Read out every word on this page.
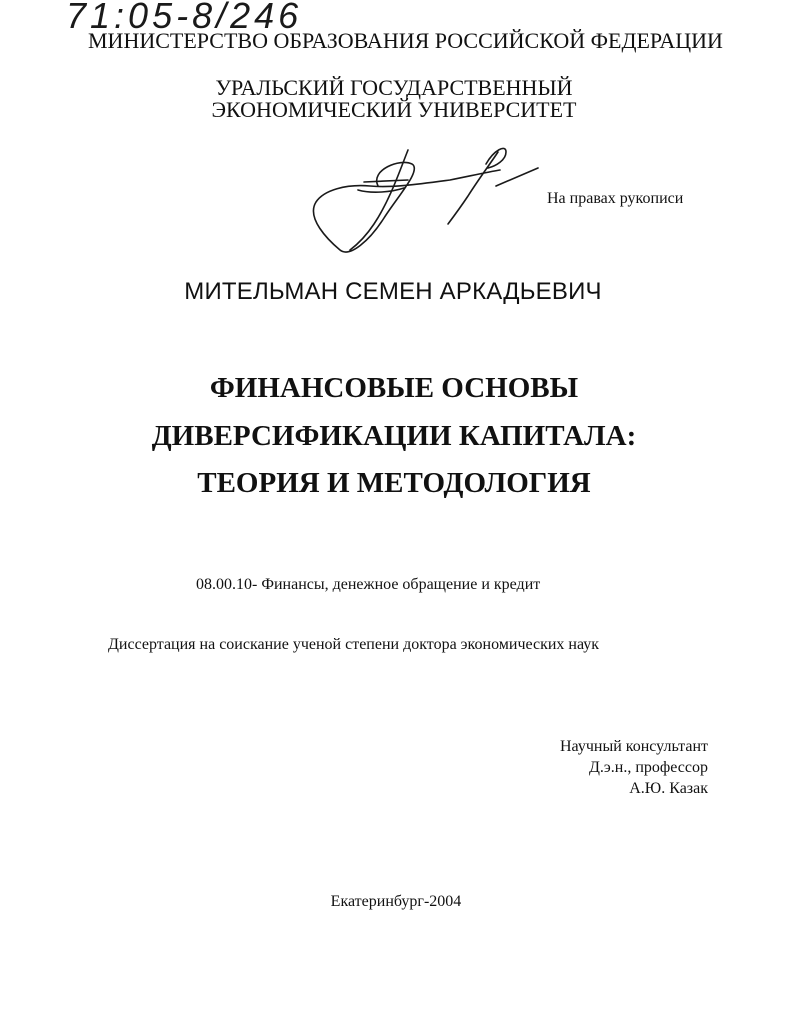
71:05-8/246
МИНИСТЕРСТВО ОБРАЗОВАНИЯ РОССИЙСКОЙ ФЕДЕРАЦИИ
УРАЛЬСКИЙ ГОСУДАРСТВЕННЫЙ
ЭКОНОМИЧЕСКИЙ УНИВЕРСИТЕТ
На правах рукописи
МИТЕЛЬМАН СЕМЕН АРКАДЬЕВИЧ
ФИНАНСОВЫЕ ОСНОВЫ
ДИВЕРСИФИКАЦИИ КАПИТАЛА:
ТЕОРИЯ И МЕТОДОЛОГИЯ
08.00.10- Финансы, денежное обращение и кредит
Диссертация на соискание ученой степени доктора экономических наук
Научный консультант
Д.э.н., профессор
А.Ю. Казак
Екатеринбург-2004
